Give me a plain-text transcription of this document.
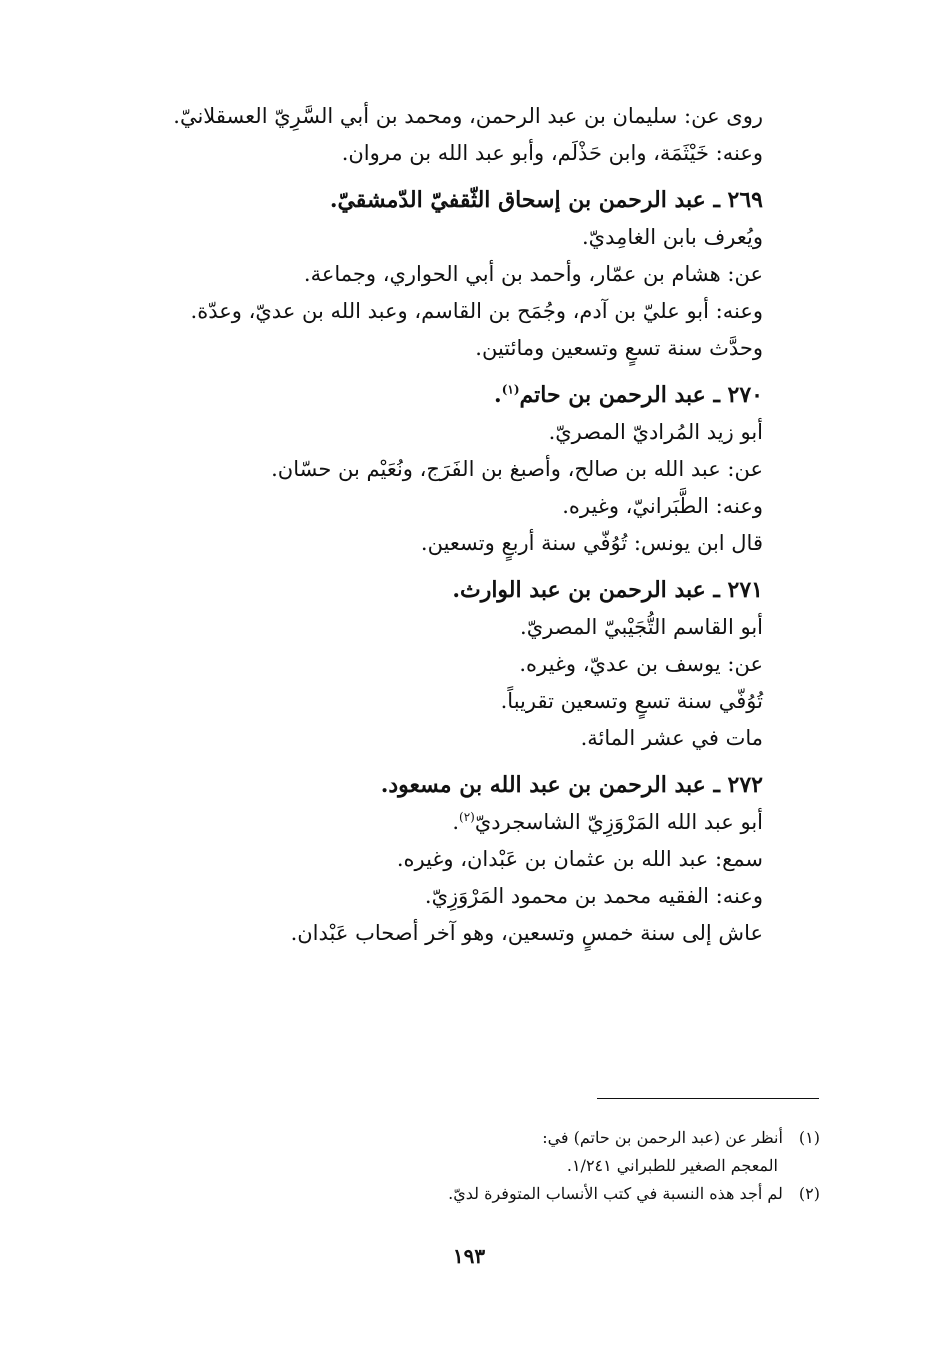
روى عن: سليمان بن عبد الرحمن، ومحمد بن أبي السَّرِيّ العسقلانيّ.
وعنه: خَيْثَمَة، وابن حَذْلَم، وأبو عبد الله بن مروان.
٢٦٩ ـ عبد الرحمن بن إسحاق الثّقفيّ الدّمشقيّ.
ويُعرف بابن الغامِديّ.
عن: هشام بن عمّار، وأحمد بن أبي الحواري، وجماعة.
وعنه: أبو عليّ بن آدم، وجُمَح بن القاسم، وعبد الله بن عديّ، وعدّة.
وحدَّث سنة تسعٍ وتسعين ومائتين.
٢٧٠ ـ عبد الرحمن بن حاتم$^{(١)}$.
أبو زيد المُراديّ المصريّ.
عن: عبد الله بن صالح، وأصبغ بن الفَرَج، ونُعَيْم بن حسّان.
وعنه: الطَّبَرانيّ، وغيره.
قال ابن يونس: تُوُفّي سنة أربعٍ وتسعين.
٢٧١ ـ عبد الرحمن بن عبد الوارث.
أبو القاسم التُّجَيْبيّ المصريّ.
عن: يوسف بن عديّ، وغيره.
تُوُفّي سنة تسعٍ وتسعين تقريباً.
مات في عشر المائة.
٢٧٢ ـ عبد الرحمن بن عبد الله بن مسعود.
أبو عبد الله المَرْوَزِيّ الشاسجرديّ$^{(٢)}$.
سمع: عبد الله بن عثمان بن عَبْدان، وغيره.
وعنه: الفقيه محمد بن محمود المَرْوَزِيّ.
عاش إلى سنة خمسٍ وتسعين، وهو آخر أصحاب عَبْدان.
(١) أنظر عن (عبد الرحمن بن حاتم) في:
المعجم الصغير للطبراني ١/٢٤١.
(٢) لم أجد هذه النسبة في كتب الأنساب المتوفرة لديّ.
١٩٣
